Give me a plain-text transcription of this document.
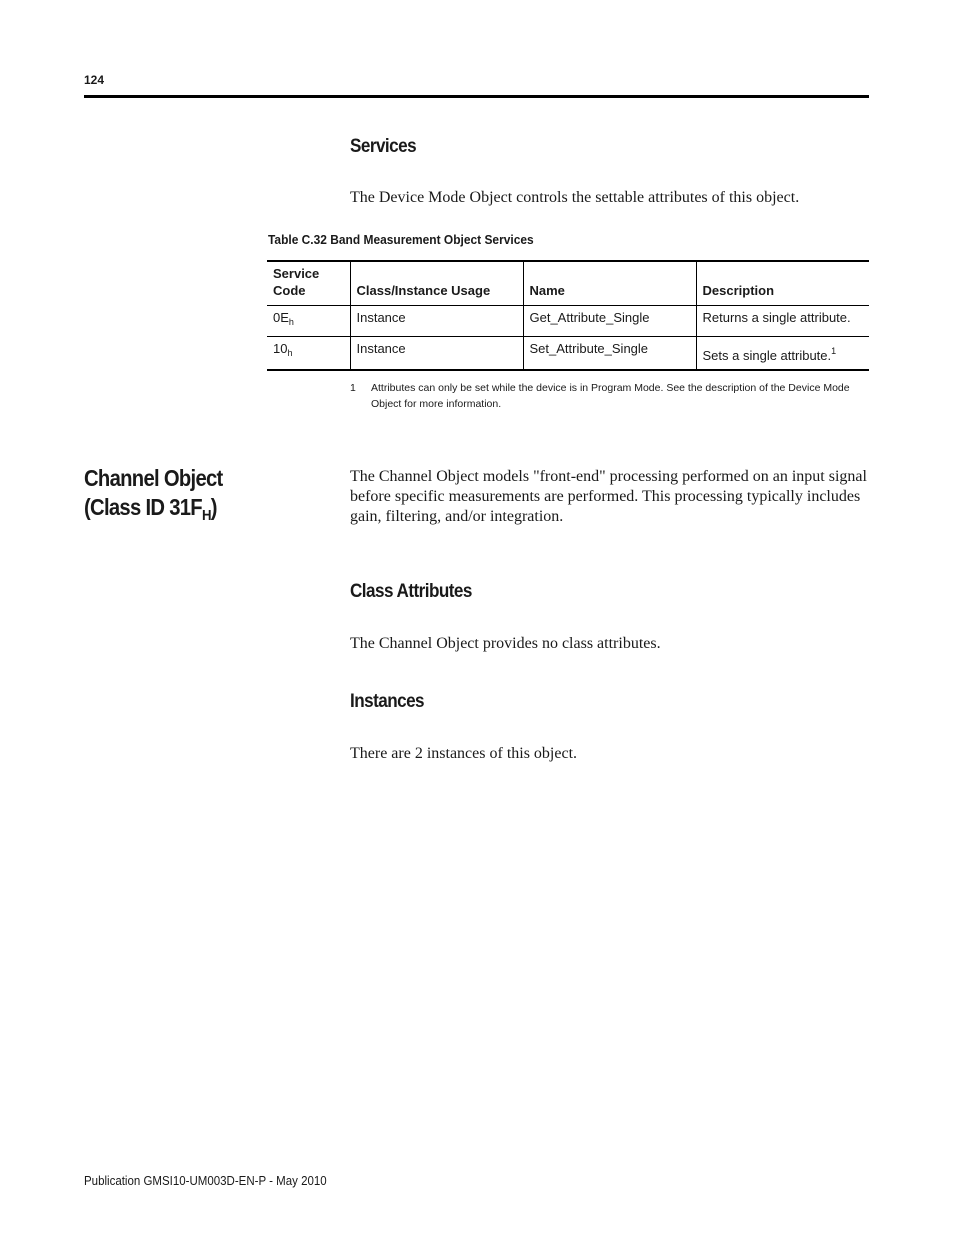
124
Services
The Device Mode Object controls the settable attributes of this object.
Table C.32 Band Measurement Object Services
Service
Code	Class/Instance Usage	Name	Description
$0E_h$	Instance	Get_Attribute_Single	Returns a single attribute.
$10_h$	Instance	Set_Attribute_Single	Sets a single attribute.$^1$
1 Attributes can only be set while the device is in Program Mode. See the description of the Device Mode Object for more information.
Channel Object
(Class ID $31F_H$)
The Channel Object models "front-end" processing performed on an input signal before specific measurements are performed. This processing typically includes gain, filtering, and/or integration.
Class Attributes
The Channel Object provides no class attributes.
Instances
There are 2 instances of this object.
Publication GMSI10-UM003D-EN-P - May 2010
